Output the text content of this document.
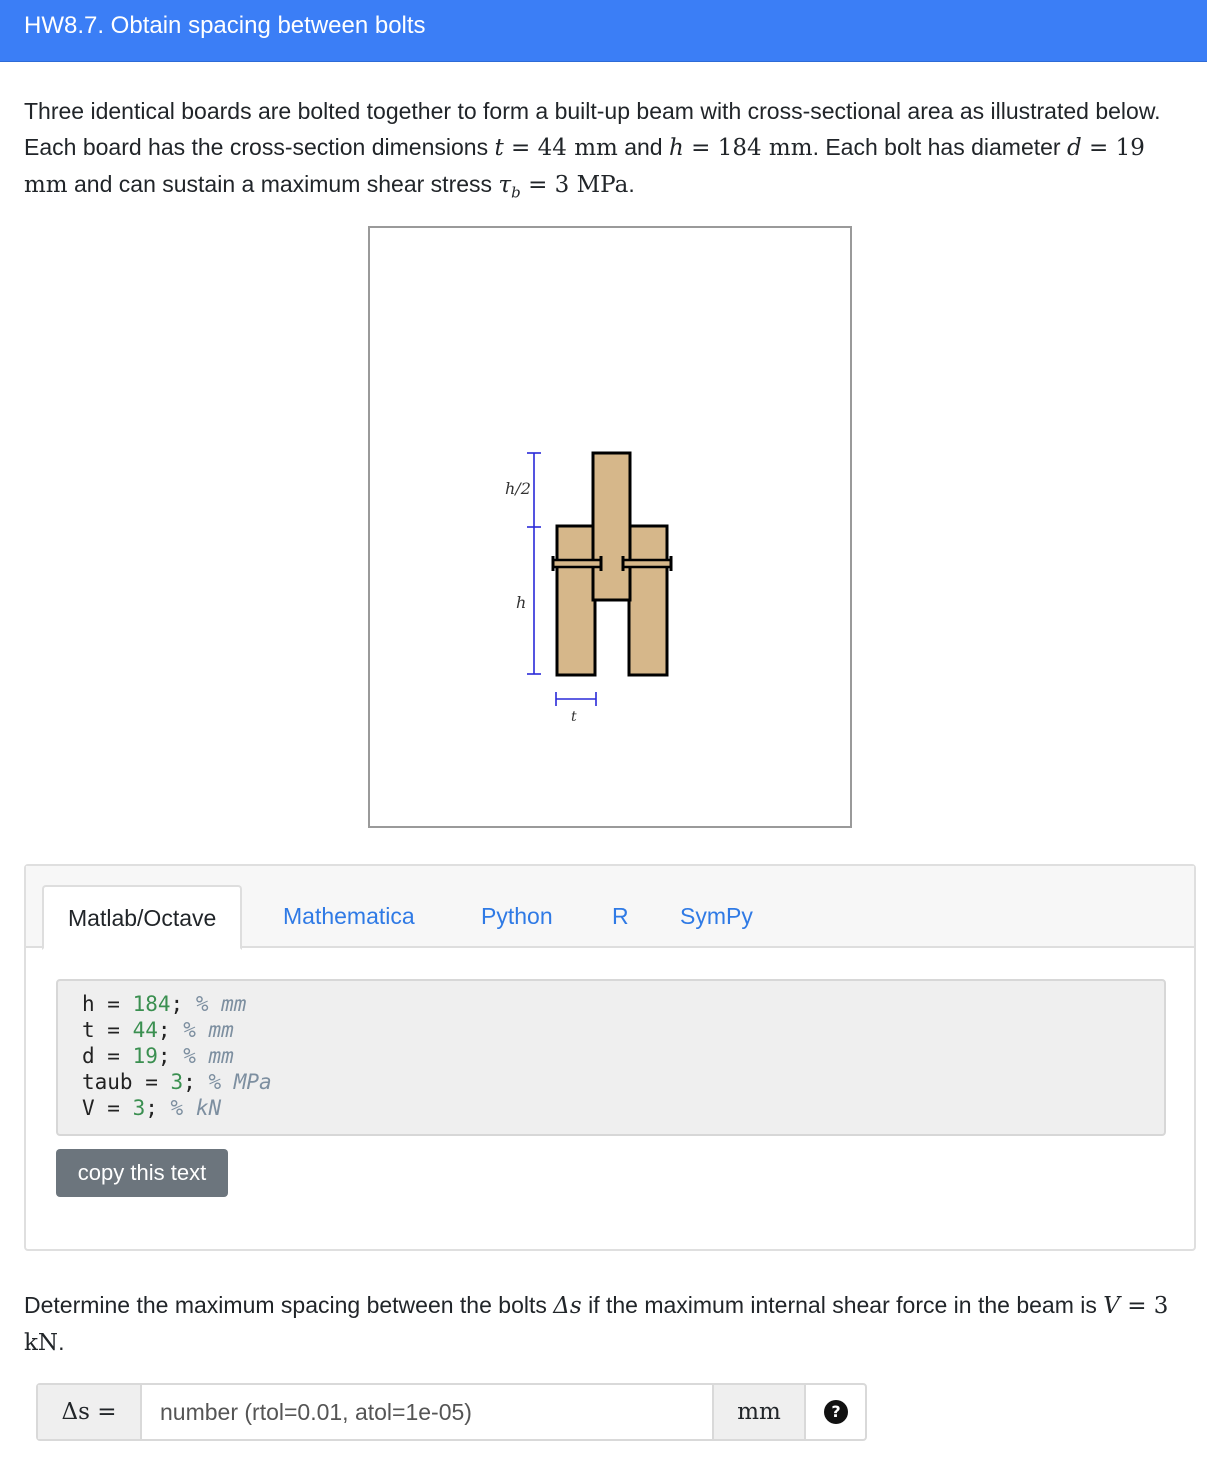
HW8.7. Obtain spacing between bolts

Three identical boards are bolted together to form a built-up beam with cross-sectional area as illustrated below. Each board has the cross-section dimensions t = 44 mm and h = 184 mm. Each bolt has diameter d = 19 mm and can sustain a maximum shear stress $\tau_b = 3$ MPa.

h/2
h
t
Matlab/Octave	Mathematica	Python	R SymPy
h = 184; % mm
t = 44; % mm
d = 19; % mm
taub = 3; % MPa
V = 3; % kN
copy this text

Determine the maximum spacing between the bolts Δs if the maximum internal shear force in the beam is V = 3 kN.

Δs =
number (rtol=0.01, atol=1e-05)	mm	?
